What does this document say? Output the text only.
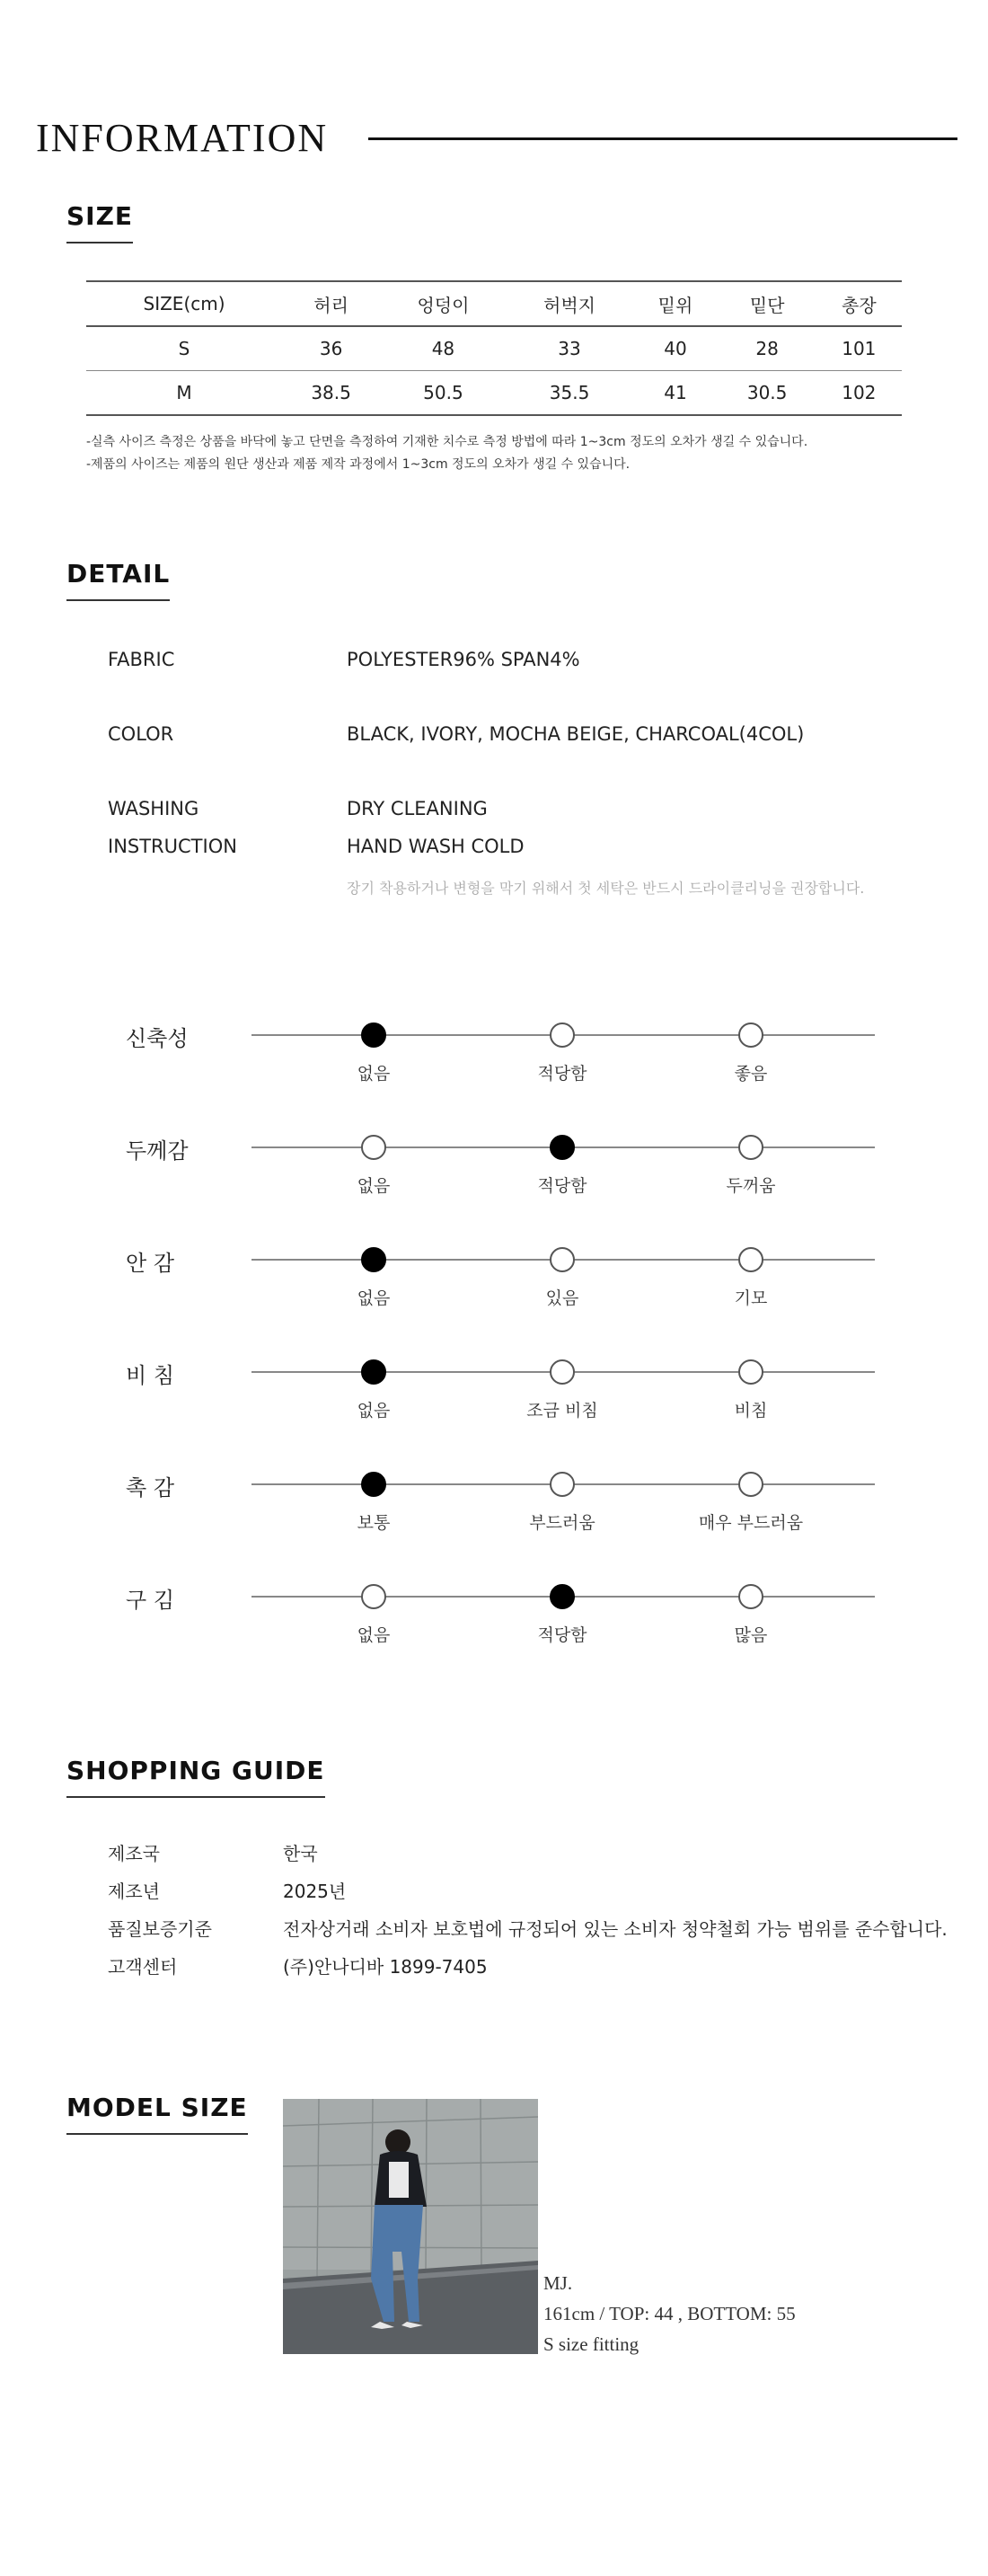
INFORMATION
SIZE
SIZE(cm)	허리	엉덩이	허벅지	밑위	밑단	총장
S	36	48	33	40	28	101
M	38.5	50.5	35.5	41	30.5	102
-실측 사이즈 측정은 상품을 바닥에 놓고 단면을 측정하여 기재한 치수로 측정 방법에 따라 1~3cm 정도의 오차가 생길 수 있습니다.
-제품의 사이즈는 제품의 원단 생산과 제품 제작 과정에서 1~3cm 정도의 오차가 생길 수 있습니다.
DETAIL
FABRIC	POLYESTER96% SPAN4%
COLOR	BLACK, IVORY, MOCHA BEIGE, CHARCOAL(4COL)
WASHING	DRY CLEANING
INSTRUCTION	HAND WASH COLD
장기 착용하거나 변형을 막기 위해서 첫 세탁은 반드시 드라이클리닝을 권장합니다.
신축성
없음	적당함	좋음
두께감
없음	적당함	두꺼움
안 감
없음	있음	기모
비 침
없음	조금 비침	비침
촉 감
보통	부드러움	매우 부드러움
구 김
없음	적당함	많음
SHOPPING GUIDE
제조국	한국
제조년	2025년
품질보증기준	전자상거래 소비자 보호법에 규정되어 있는 소비자 청약철회 가능 범위를 준수합니다.
고객센터	(주)안나디바 1899-7405
MODEL SIZE
MJ.
161cm / TOP: 44 , BOTTOM: 55
S size fitting
